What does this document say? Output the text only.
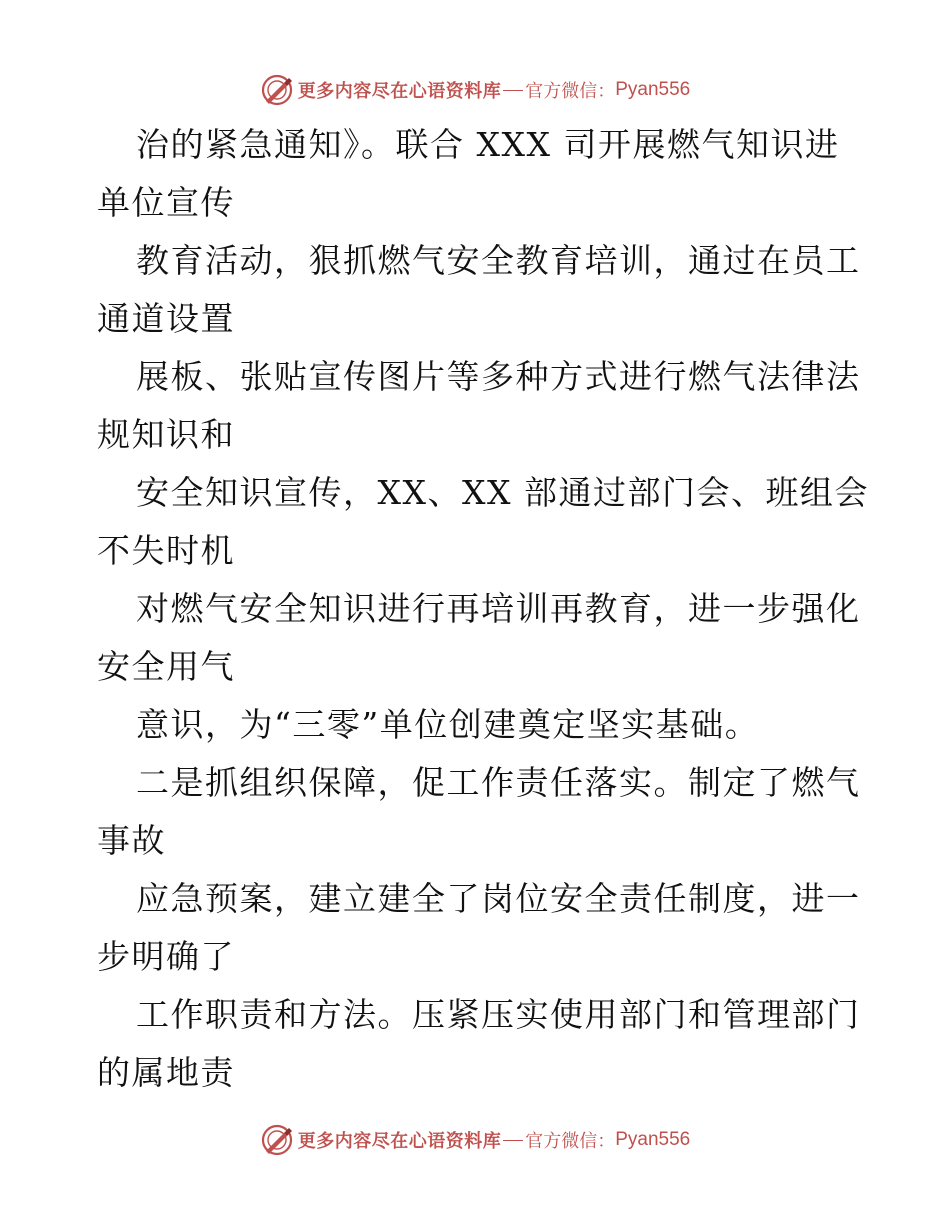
更多内容尽在心语资料库 官方微信： Pyan556
治的紧急通知》。联合 XXX 司开展燃气知识进
单位宣传
教育活动，狠抓燃气安全教育培训，通过在员工
通道设置
展板、张贴宣传图片等多种方式进行燃气法律法
规知识和
安全知识宣传，XX、XX 部通过部门会、班组会
不失时机
对燃气安全知识进行再培训再教育，进一步强化
安全用气
意识，为“三零”单位创建奠定坚实基础。
二是抓组织保障，促工作责任落实。制定了燃气
事故
应急预案，建立建全了岗位安全责任制度，进一
步明确了
工作职责和方法。压紧压实使用部门和管理部门
的属地责
更多内容尽在心语资料库 官方微信： Pyan556
